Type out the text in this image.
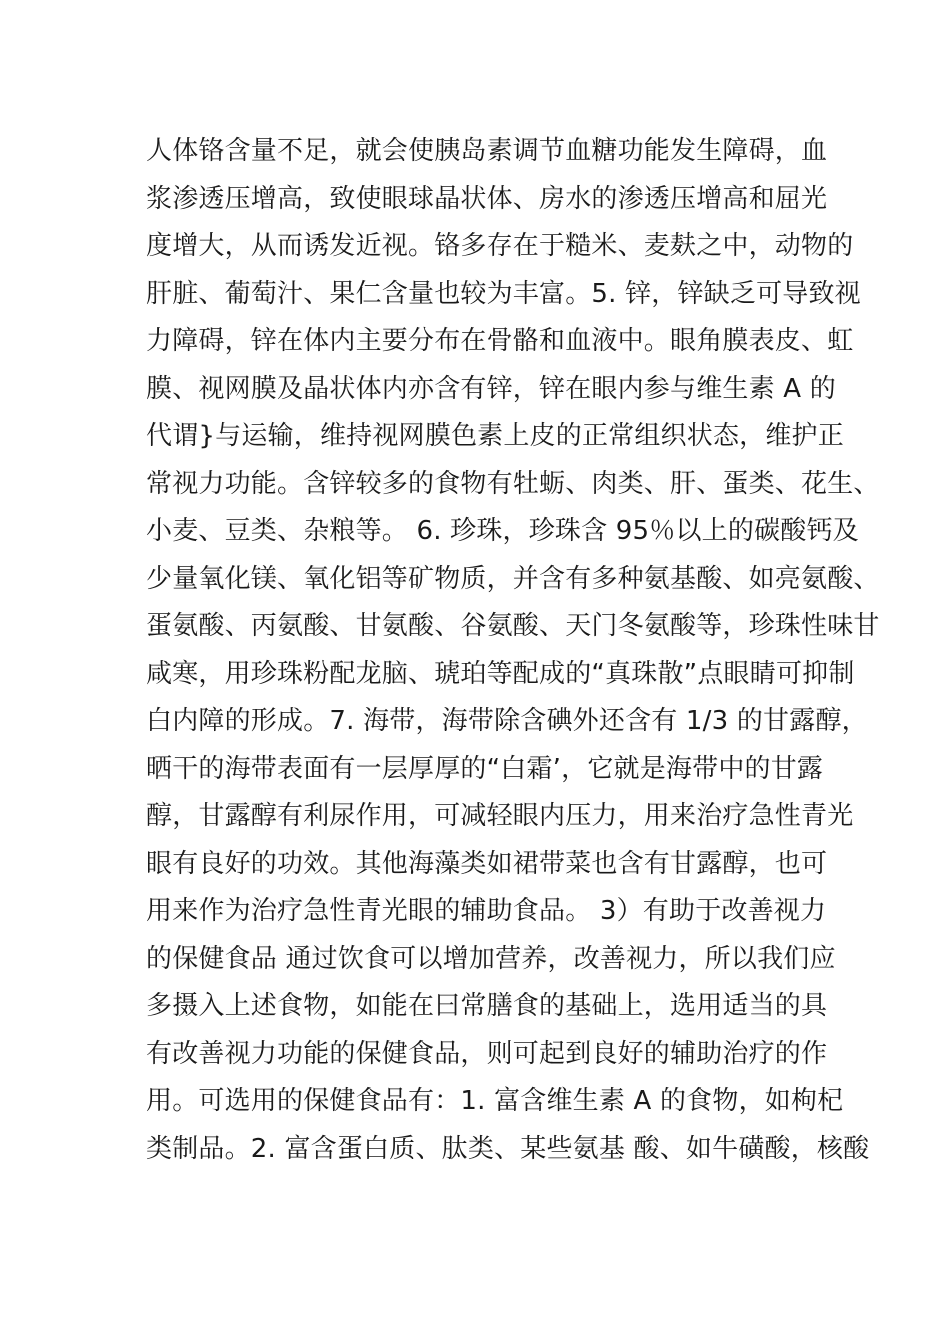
人体铬含量不足，就会使胰岛素调节血糖功能发生障碍，血
浆渗透压增高，致使眼球晶状体、房水的渗透压增高和屈光
度增大，从而诱发近视。铬多存在于糙米、麦麸之中，动物的
肝脏、葡萄汁、果仁含量也较为丰富。5. 锌，锌缺乏可导致视
力障碍，锌在体内主要分布在骨骼和血液中。眼角膜表皮、虹
膜、视网膜及晶状体内亦含有锌，锌在眼内参与维生素 A 的
代谓}与运输，维持视网膜色素上皮的正常组织状态，维护正
常视力功能。含锌较多的食物有牡蛎、肉类、肝、蛋类、花生、
小麦、豆类、杂粮等。 6. 珍珠，珍珠含 95％以上的碳酸钙及
少量氧化镁、氧化铝等矿物质，并含有多种氨基酸、如亮氨酸、
蛋氨酸、丙氨酸、甘氨酸、谷氨酸、天门冬氨酸等，珍珠性味甘
咸寒，用珍珠粉配龙脑、琥珀等配成的“真珠散”点眼睛可抑制
白内障的形成。7. 海带，海带除含碘外还含有 1/3 的甘露醇，
晒干的海带表面有一层厚厚的“白霜’，它就是海带中的甘露
醇，甘露醇有利尿作用，可减轻眼内压力，用来治疗急性青光
眼有良好的功效。其他海藻类如裙带菜也含有甘露醇，也可
用来作为治疗急性青光眼的辅助食品。 3）有助于改善视力
的保健食品 通过饮食可以增加营养，改善视力，所以我们应
多摄入上述食物，如能在曰常膳食的基础上，选用适当的具
有改善视力功能的保健食品，则可起到良好的辅助治疗的作
用。可选用的保健食品有：1. 富含维生素 A 的食物，如枸杞
类制品。2. 富含蛋白质、肽类、某些氨基 酸、如牛磺酸，核酸
